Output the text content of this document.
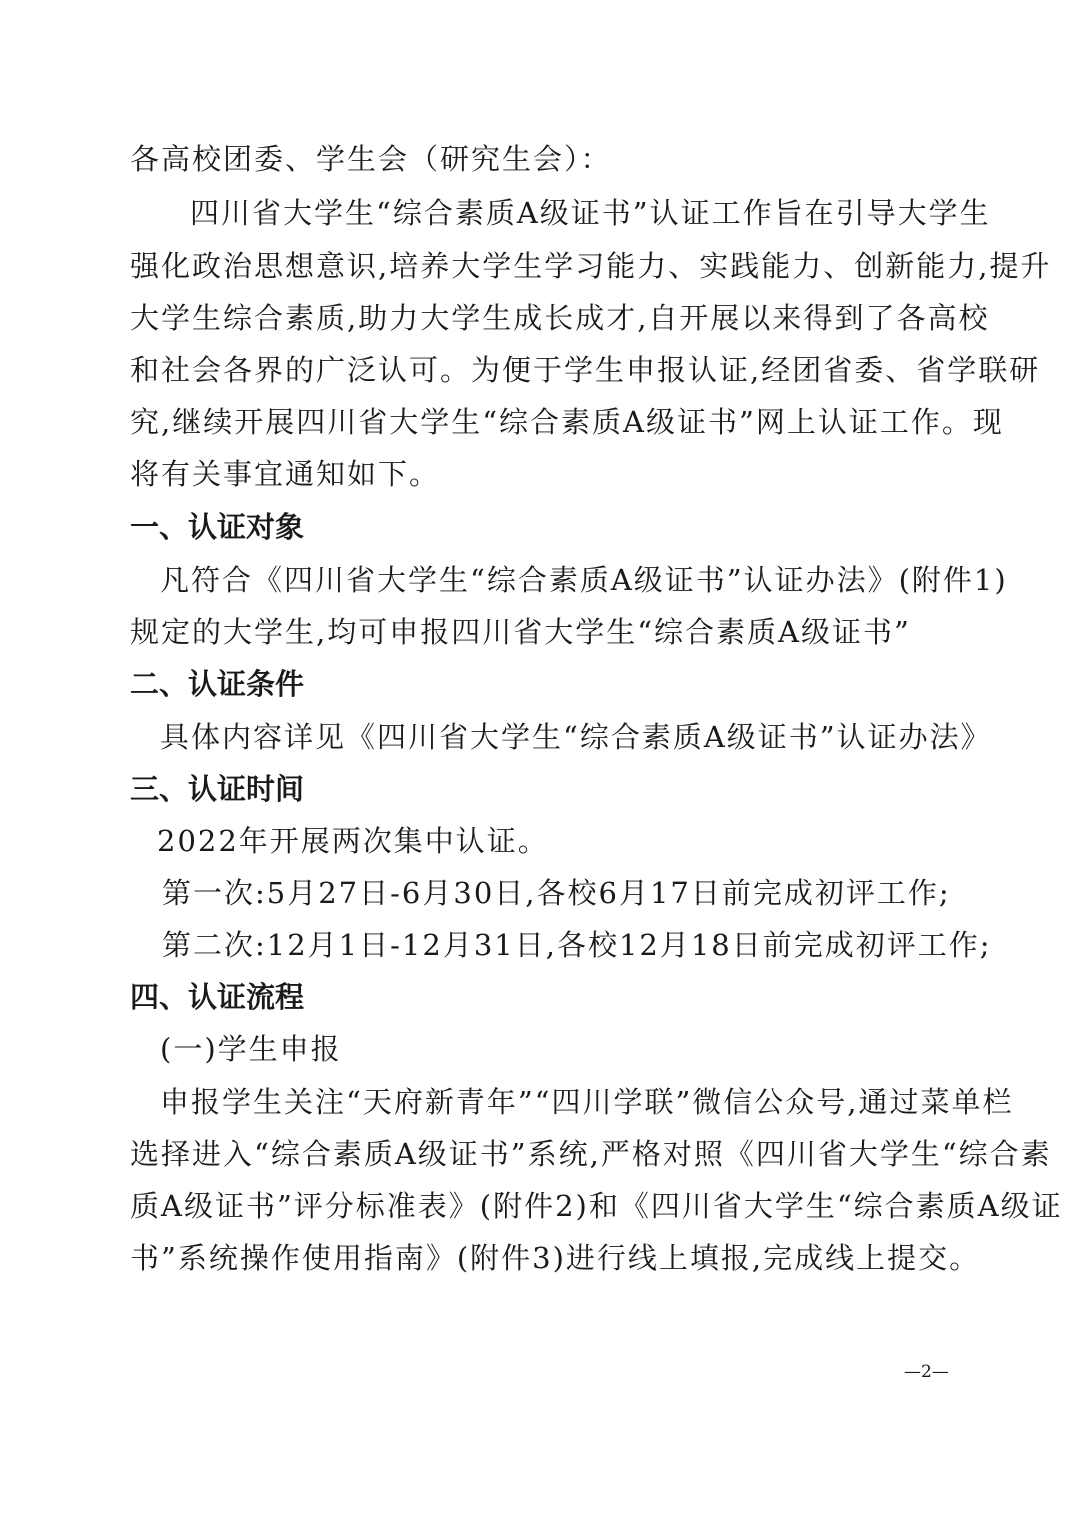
各高校团委、学生会（研究生会）：
四川省大学生“综合素质A级证书”认证工作旨在引导大学生
强化政治思想意识,培养大学生学习能力、实践能力、创新能力,提升
大学生综合素质,助力大学生成长成才,自开展以来得到了各高校
和社会各界的广泛认可。为便于学生申报认证,经团省委、省学联研
究,继续开展四川省大学生“综合素质A级证书”网上认证工作。现
将有关事宜通知如下。
一、认证对象
凡符合《四川省大学生“综合素质A级证书”认证办法》(附件1)
规定的大学生,均可申报四川省大学生“综合素质A级证书”
二、认证条件
具体内容详见《四川省大学生“综合素质A级证书”认证办法》
三、认证时间
2022年开展两次集中认证。
第一次:5月27日-6月30日,各校6月17日前完成初评工作;
第二次:12月1日-12月31日,各校12月18日前完成初评工作;
四、认证流程
(一)学生申报
申报学生关注“天府新青年”“四川学联”微信公众号,通过菜单栏
选择进入“综合素质A级证书”系统,严格对照《四川省大学生“综合素
质A级证书”评分标准表》(附件2)和《四川省大学生“综合素质A级证
书”系统操作使用指南》(附件3)进行线上填报,完成线上提交。
—2—
